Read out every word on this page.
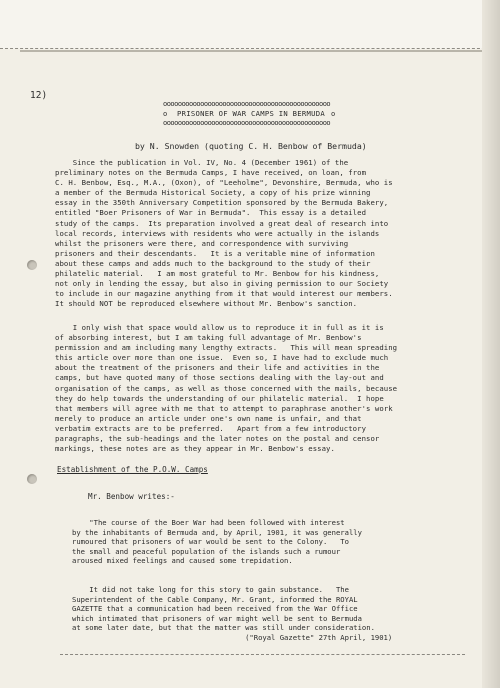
12)
ooooooooooooooooooooooooooooooooooooooooooooo
o	PRISONER OF WAR CAMPS IN BERMUDA o
ooooooooooooooooooooooooooooooooooooooooooooo
by N. Snowden (quoting C. H. Benbow of Bermuda)
Since the publication in Vol. IV, No. 4 (December 1961) of the
preliminary notes on the Bermuda Camps, I have received, on loan, from
C. H. Benbow, Esq., M.A., (Oxon), of "Leeholme", Devonshire, Bermuda, who is
a member of the Bermuda Historical Society, a copy of his prize winning
essay in the 350th Anniversary Competition sponsored by the Bermuda Bakery,
entitled "Boer Prisoners of War in Bermuda".  This essay is a detailed
study of the camps.  Its preparation involved a great deal of research into
local records, interviews with residents who were actually in the islands
whilst the prisoners were there, and correspondence with surviving
prisoners and their descendants.   It is a veritable mine of information
about these camps and adds much to the background to the study of their
philatelic material.   I am most grateful to Mr. Benbow for his kindness,
not only in lending the essay, but also in giving permission to our Society
to include in our magazine anything from it that would interest our members.
It should NOT be reproduced elsewhere without Mr. Benbow's sanction.
I only wish that space would allow us to reproduce it in full as it is
of absorbing interest, but I am taking full advantage of Mr. Benbow's
permission and am including many lengthy extracts.   This will mean spreading
this article over more than one issue.  Even so, I have had to exclude much
about the treatment of the prisoners and their life and activities in the
camps, but have quoted many of those sections dealing with the lay-out and
organisation of the camps, as well as those concerned with the mails, because
they do help towards the understanding of our philatelic material.  I hope
that members will agree with me that to attempt to paraphrase another's work
merely to produce an article under one's own name is unfair, and that
verbatim extracts are to be preferred.   Apart from a few introductory
paragraphs, the sub-headings and the later notes on the postal and censor
markings, these notes are as they appear in Mr. Benbow's essay.
Establishment of the P.O.W. Camps
Mr. Benbow writes:-
"The course of the Boer War had been followed with interest
by the inhabitants of Bermuda and, by April, 1901, it was generally
rumoured that prisoners of war would be sent to the Colony.   To
the small and peaceful population of the islands such a rumour
aroused mixed feelings and caused some trepidation.
It did not take long for this story to gain substance.   The
Superintendent of the Cable Company, Mr. Grant, informed the ROYAL
GAZETTE that a communication had been received from the War Office
which intimated that prisoners of war might well be sent to Bermuda
at some later date, but that the matter was still under consideration.
("Royal Gazette" 27th April, 1901)
